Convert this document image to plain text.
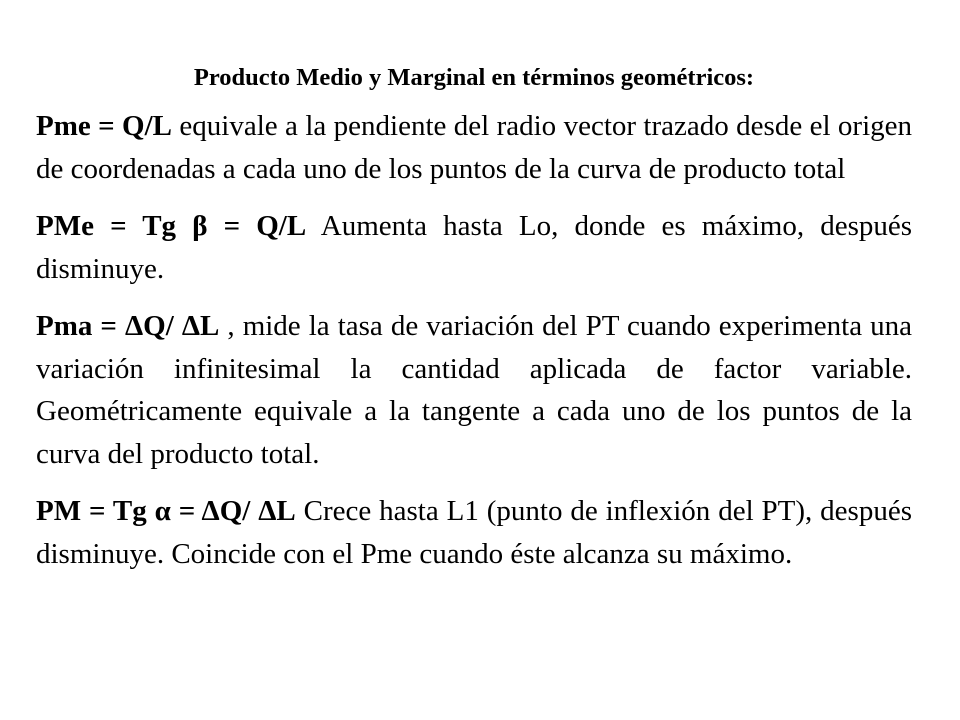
Producto Medio y Marginal en términos geométricos:

Pme = Q/L equivale a la pendiente del radio vector trazado desde el origen de coordenadas a cada uno de los puntos de la curva de producto total

PMe = Tg β = Q/L Aumenta hasta Lo, donde es máximo, después disminuye.

Pma = ΔQ/ ΔL , mide la tasa de variación del PT cuando experimenta una variación infinitesimal la cantidad aplicada de factor variable. Geométricamente equivale a la tangente a cada uno de los puntos de la curva del producto total.

PM = Tg α = ΔQ/ ΔL Crece hasta L1 (punto de inflexión del PT), después disminuye. Coincide con el Pme cuando éste alcanza su máximo.
